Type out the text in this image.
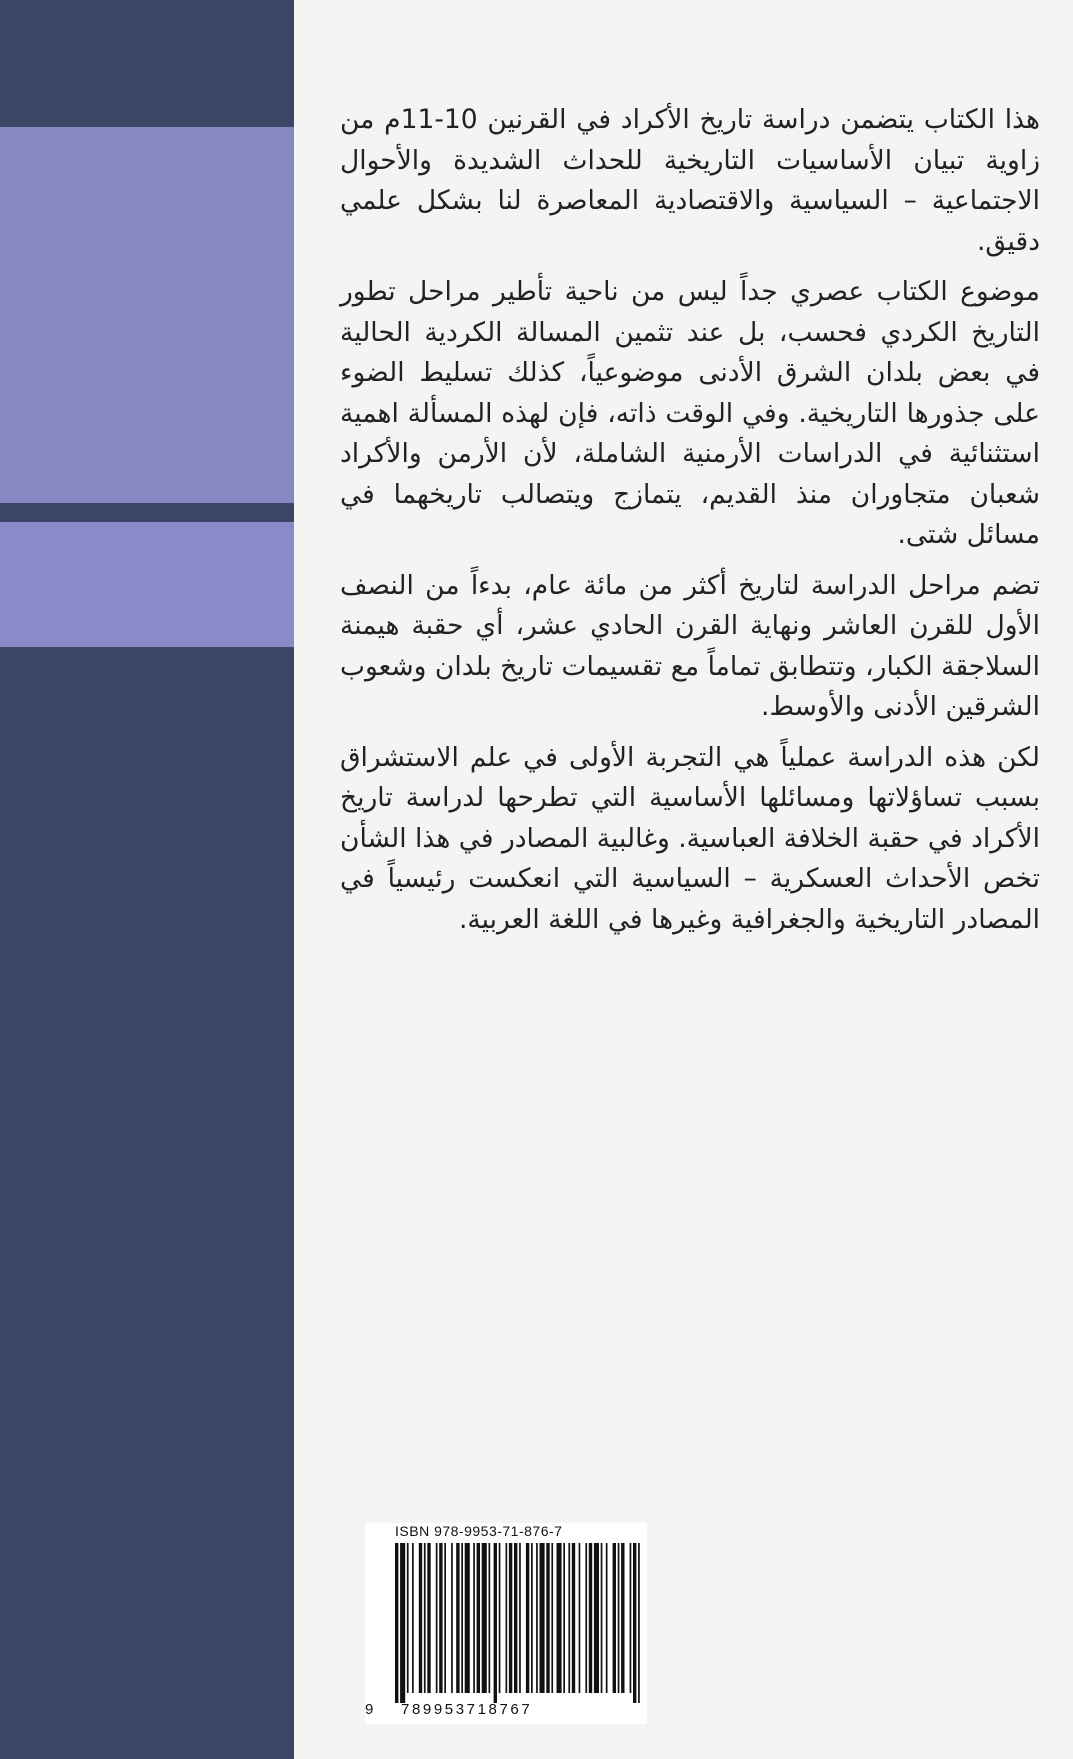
هذا الكتاب يتضمن دراسة تاريخ الأكراد في القرنين 10-11م من زاوية تبيان الأساسيات التاريخية للحداث الشديدة والأحوال الاجتماعية – السياسية والاقتصادية المعاصرة لنا بشكل علمي دقيق.

موضوع الكتاب عصري جداً ليس من ناحية تأطير مراحل تطور التاريخ الكردي فحسب، بل عند تثمين المسالة الكردية الحالية في بعض بلدان الشرق الأدنى موضوعياً، كذلك تسليط الضوء على جذورها التاريخية. وفي الوقت ذاته، فإن لهذه المسألة اهمية استثنائية في الدراسات الأرمنية الشاملة، لأن الأرمن والأكراد شعبان متجاوران منذ القديم، يتمازج ويتصالب تاريخهما في مسائل شتى.

تضم مراحل الدراسة لتاريخ أكثر من مائة عام، بدءاً من النصف الأول للقرن العاشر ونهاية القرن الحادي عشر، أي حقبة هيمنة السلاجقة الكبار، وتتطابق تماماً مع تقسيمات تاريخ بلدان وشعوب الشرقين الأدنى والأوسط.

لكن هذه الدراسة عملياً هي التجربة الأولى في علم الاستشراق بسبب تساؤلاتها ومسائلها الأساسية التي تطرحها لدراسة تاريخ الأكراد في حقبة الخلافة العباسية. وغالبية المصادر في هذا الشأن تخص الأحداث العسكرية – السياسية التي انعكست رئيسياً في المصادر التاريخية والجغرافية وغيرها في اللغة العربية.

ISBN 978-9953-71-876-7
9 789953718767
